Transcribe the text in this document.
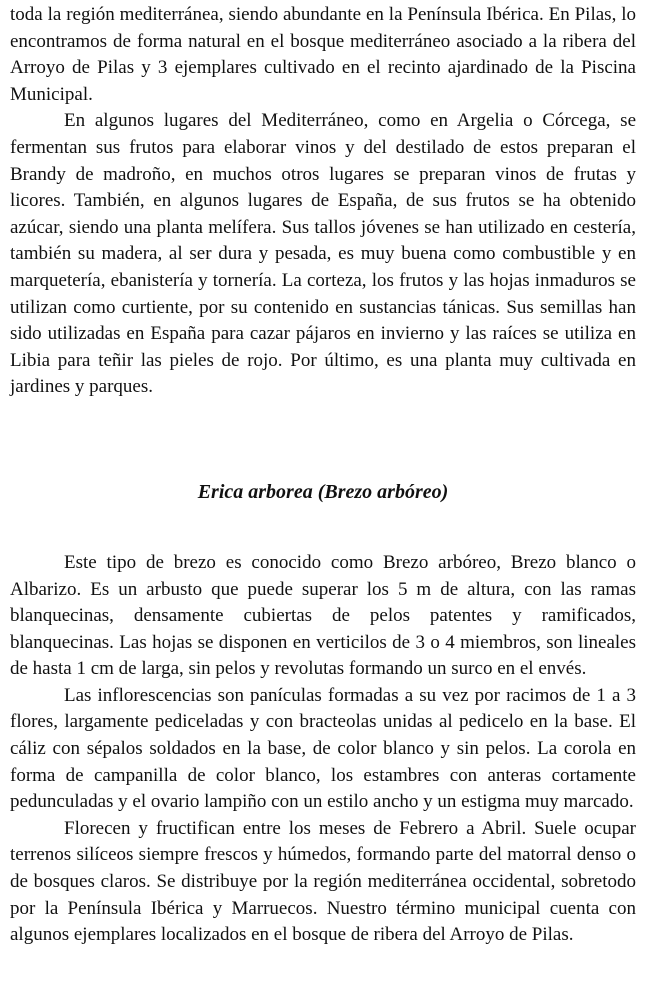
toda la región mediterránea, siendo abundante en la Península Ibérica. En Pilas, lo encontramos de forma natural en el bosque mediterráneo asociado a la ribera del Arroyo de Pilas y 3 ejemplares cultivado en el recinto ajardinado de la Piscina Municipal.

En algunos lugares del Mediterráneo, como en Argelia o Córcega, se fermentan sus frutos para elaborar vinos y del destilado de estos preparan el Brandy de madroño, en muchos otros lugares se preparan vinos de frutas y licores. También, en algunos lugares de España, de sus frutos se ha obtenido azúcar, siendo una planta melífera. Sus tallos jóvenes se han utilizado en cestería, también su madera, al ser dura y pesada, es muy buena como combustible y en marquetería, ebanistería y tornería. La corteza, los frutos y las hojas inmaduros se utilizan como curtiente, por su contenido en sustancias tánicas. Sus semillas han sido utilizadas en España para cazar pájaros en invierno y las raíces se utiliza en Libia para teñir las pieles de rojo. Por último, es una planta muy cultivada en jardines y parques.

Erica arborea (Brezo arbóreo)

Este tipo de brezo es conocido como Brezo arbóreo, Brezo blanco o Albarizo. Es un arbusto que puede superar los 5 m de altura, con las ramas blanquecinas, densamente cubiertas de pelos patentes y ramificados, blanquecinas. Las hojas se disponen en verticilos de 3 o 4 miembros, son lineales de hasta 1 cm de larga, sin pelos y revolutas formando un surco en el envés.

Las inflorescencias son panículas formadas a su vez por racimos de 1 a 3 flores, largamente pediceladas y con bracteolas unidas al pedicelo en la base. El cáliz con sépalos soldados en la base, de color blanco y sin pelos. La corola en forma de campanilla de color blanco, los estambres con anteras cortamente pedunculadas y el ovario lampiño con un estilo ancho y un estigma muy marcado.

Florecen y fructifican entre los meses de Febrero a Abril. Suele ocupar terrenos silíceos siempre frescos y húmedos, formando parte del matorral denso o de bosques claros. Se distribuye por la región mediterránea occidental, sobretodo por la Península Ibérica y Marruecos. Nuestro término municipal cuenta con algunos ejemplares localizados en el bosque de ribera del Arroyo de Pilas.
